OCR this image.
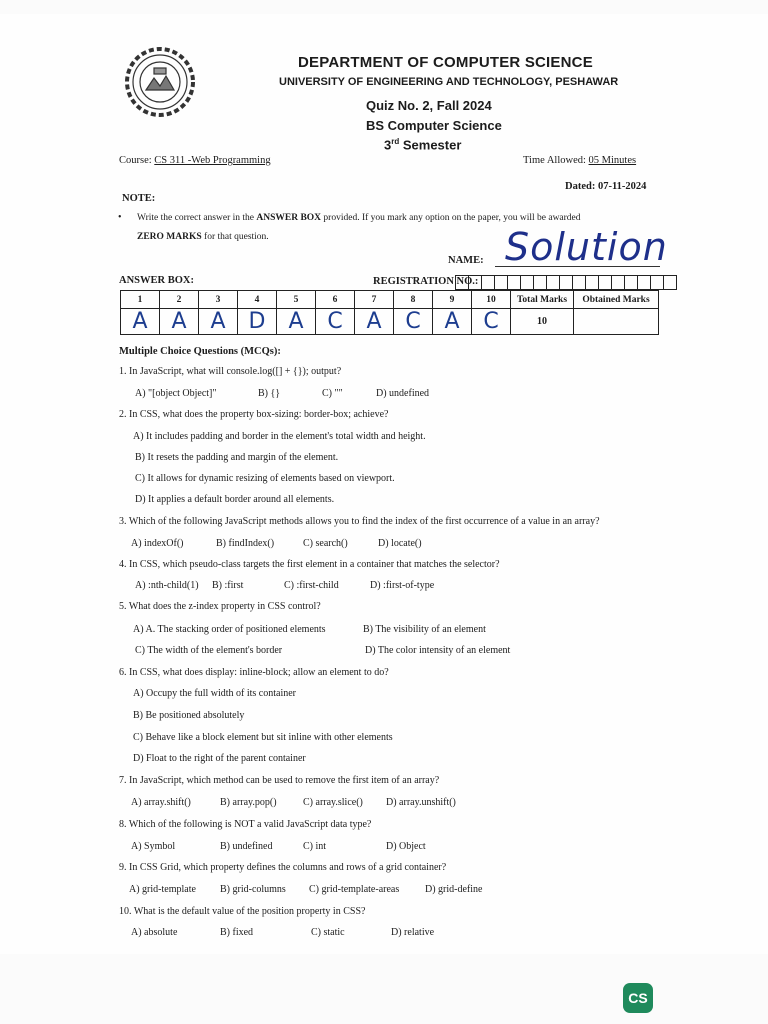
DEPARTMENT OF COMPUTER SCIENCE
UNIVERSITY OF ENGINEERING AND TECHNOLOGY, PESHAWAR
Quiz No. 2, Fall 2024
BS Computer Science
3rd Semester
Course: CS 311 -Web Programming	Time Allowed: 05 Minutes
Dated: 07-11-2024
NOTE:
• Write the correct answer in the ANSWER BOX provided. If you mark any option on the paper, you will be awarded
ZERO MARKS for that question.
NAME: Solution
ANSWER BOX:	REGISTRATION NO.:
1	2	3	4	5	6	7	8	9	10	Total Marks	Obtained Marks
A	A	A	D	A	C	A	C	A	C	10	
Multiple Choice Questions (MCQs):
1. In JavaScript, what will console.log([] + {}); output?
A) "[object Object]"	B) {}	C) ""	D) undefined
2. In CSS, what does the property box-sizing: border-box; achieve?
A) It includes padding and border in the element's total width and height.
B) It resets the padding and margin of the element.
C) It allows for dynamic resizing of elements based on viewport.
D) It applies a default border around all elements.
3. Which of the following JavaScript methods allows you to find the index of the first occurrence of a value in an array?
A) indexOf()	B) findIndex()	C) search()	D) locate()
4. In CSS, which pseudo-class targets the first element in a container that matches the selector?
A) :nth-child(1) B) :first	C) :first-child	D) :first-of-type
5. What does the z-index property in CSS control?
A) A. The stacking order of positioned elements	B) The visibility of an element
C) The width of the element's border	D) The color intensity of an element
6. In CSS, what does display: inline-block; allow an element to do?
A) Occupy the full width of its container
B) Be positioned absolutely
C) Behave like a block element but sit inline with other elements
D) Float to the right of the parent container
7. In JavaScript, which method can be used to remove the first item of an array?
A) array.shift()	B) array.pop()	C) array.slice() D) array.unshift()
8. Which of the following is NOT a valid JavaScript data type?
A) Symbol	B) undefined	C) int	D) Object
9. In CSS Grid, which property defines the columns and rows of a grid container?
A) grid-template B) grid-columns C) grid-template-areas	D) grid-define
10. What is the default value of the position property in CSS?
A) absolute	B) fixed	C) static	D) relative
CS
